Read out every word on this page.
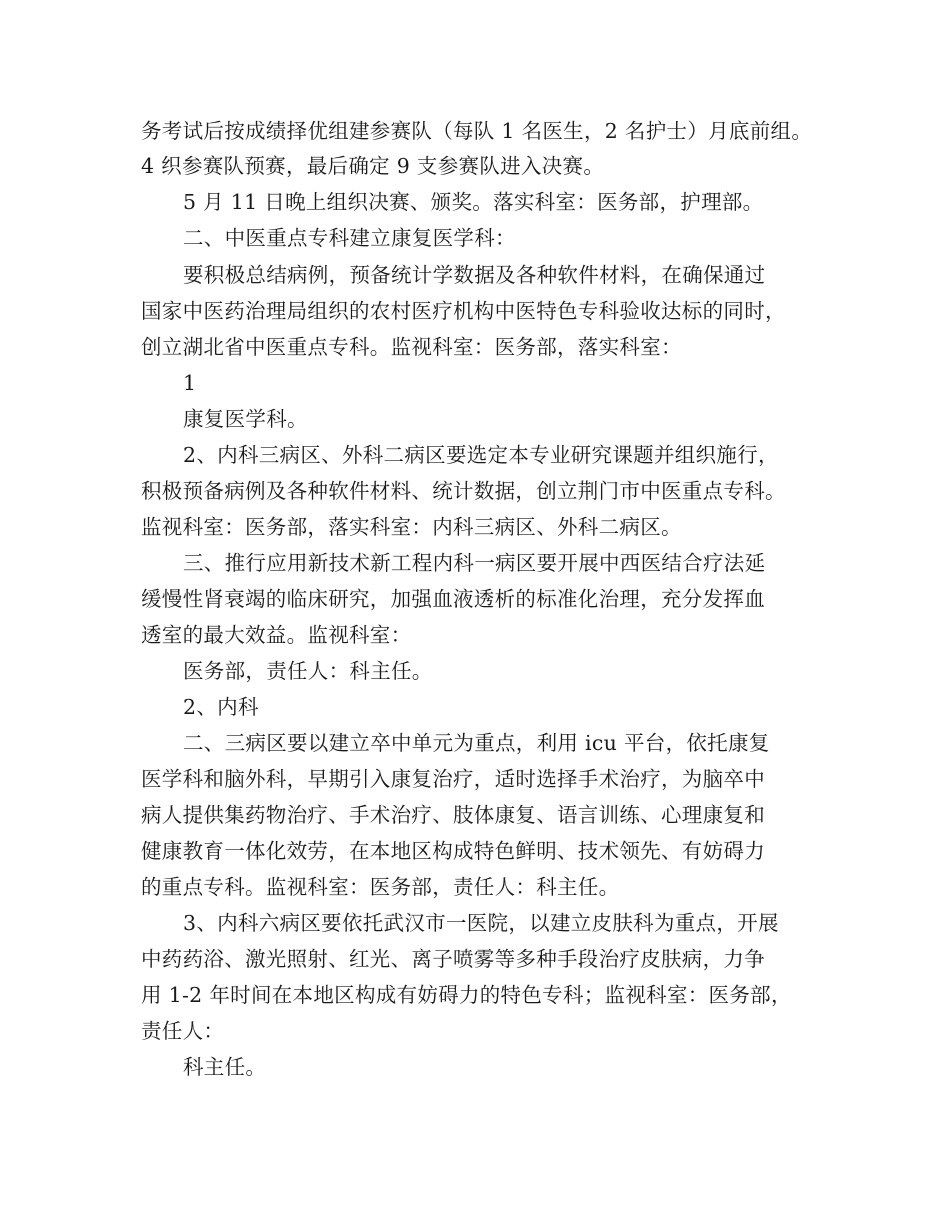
务考试后按成绩择优组建参赛队（每队 1 名医生，2 名护士）月底前组。
4 织参赛队预赛，最后确定 9 支参赛队进入决赛。
5 月 11 日晚上组织决赛、颁奖。落实科室：医务部，护理部。
二、中医重点专科建立康复医学科：
要积极总结病例，预备统计学数据及各种软件材料，在确保通过
国家中医药治理局组织的农村医疗机构中医特色专科验收达标的同时，
创立湖北省中医重点专科。监视科室：医务部，落实科室：
1
康复医学科。
2、内科三病区、外科二病区要选定本专业研究课题并组织施行，
积极预备病例及各种软件材料、统计数据，创立荆门市中医重点专科。
监视科室：医务部，落实科室：内科三病区、外科二病区。
三、推行应用新技术新工程内科一病区要开展中西医结合疗法延
缓慢性肾衰竭的临床研究，加强血液透析的标准化治理，充分发挥血
透室的最大效益。监视科室：
医务部，责任人：科主任。
2、内科
二、三病区要以建立卒中单元为重点，利用 icu 平台，依托康复
医学科和脑外科，早期引入康复治疗，适时选择手术治疗，为脑卒中
病人提供集药物治疗、手术治疗、肢体康复、语言训练、心理康复和
健康教育一体化效劳，在本地区构成特色鲜明、技术领先、有妨碍力
的重点专科。监视科室：医务部，责任人：科主任。
3、内科六病区要依托武汉市一医院，以建立皮肤科为重点，开展
中药药浴、激光照射、红光、离子喷雾等多种手段治疗皮肤病，力争
用 1-2 年时间在本地区构成有妨碍力的特色专科；监视科室：医务部，
责任人：
科主任。
